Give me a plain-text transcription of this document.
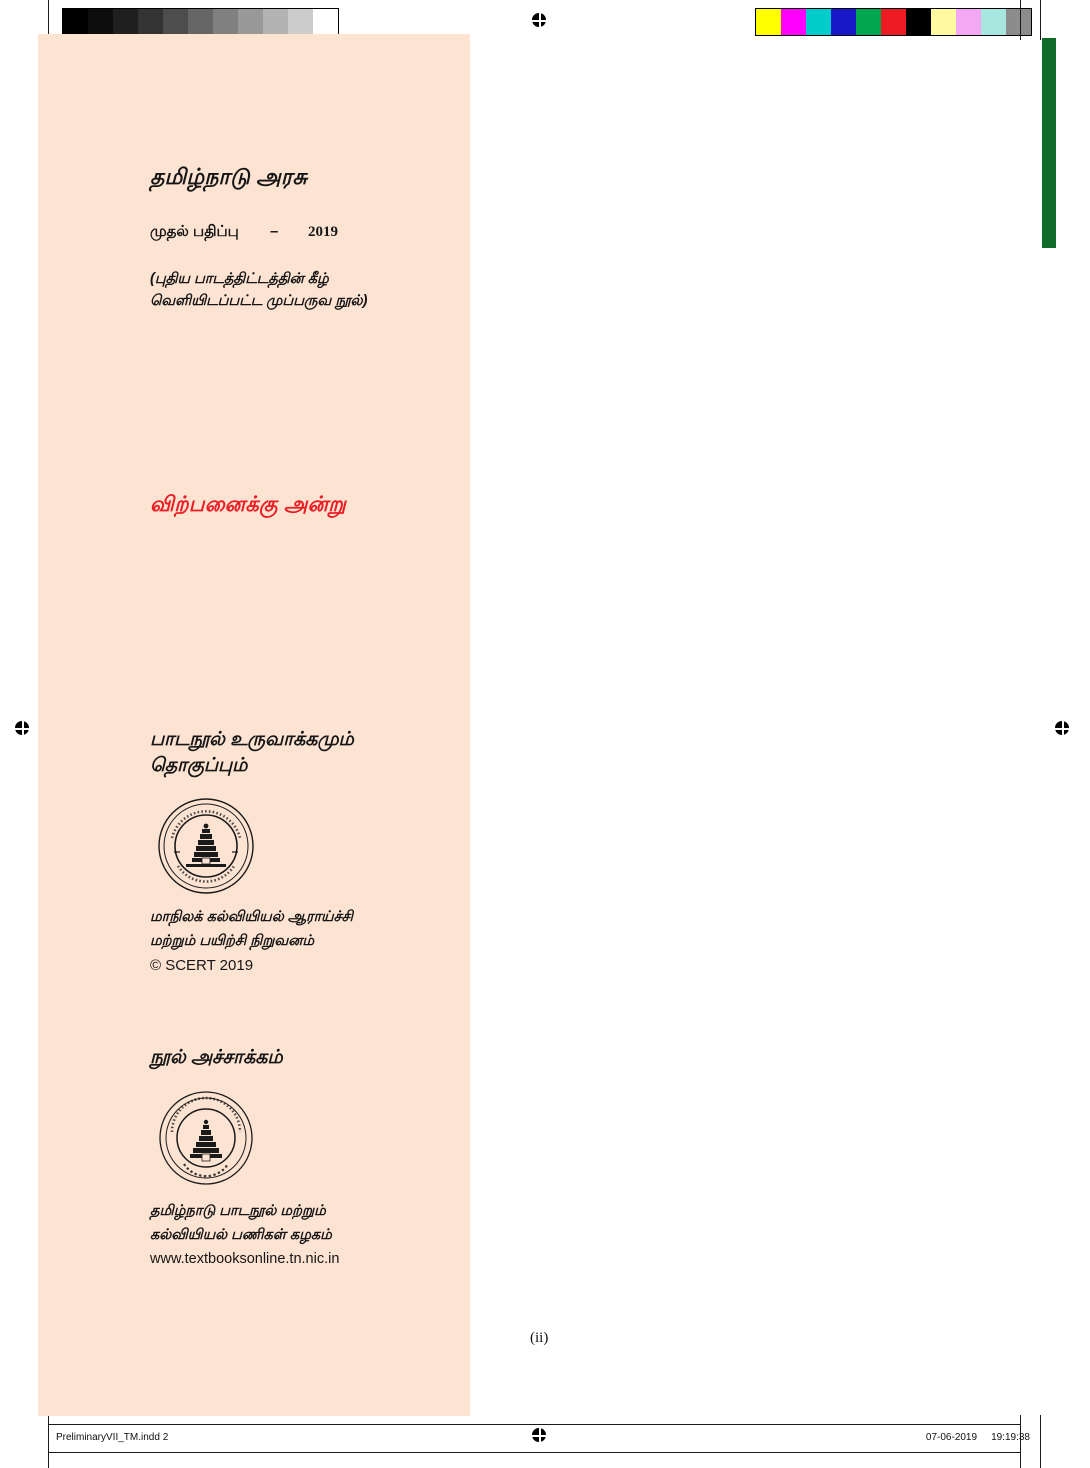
தமிழ்நாடு அரசு
முதல் பதிப்பு	–	2019
(புதிய பாடத்திட்டத்தின் கீழ்
வெளியிடப்பட்ட முப்பருவ நூல்)
விற்பனைக்கு அன்று
பாடநூல் உருவாக்கமும்
தொகுப்பும்
மாநிலக் கல்வியியல் ஆராய்ச்சி
மற்றும் பயிற்சி நிறுவனம்
© SCERT 2019
நூல் அச்சாக்கம்
தமிழ்நாடு பாடநூல் மற்றும்
கல்வியியல் பணிகள் கழகம்
www.textbooksonline.tn.nic.in
(ii)
PreliminaryVII_TM.indd 2	07-06-2019 19:19:38
